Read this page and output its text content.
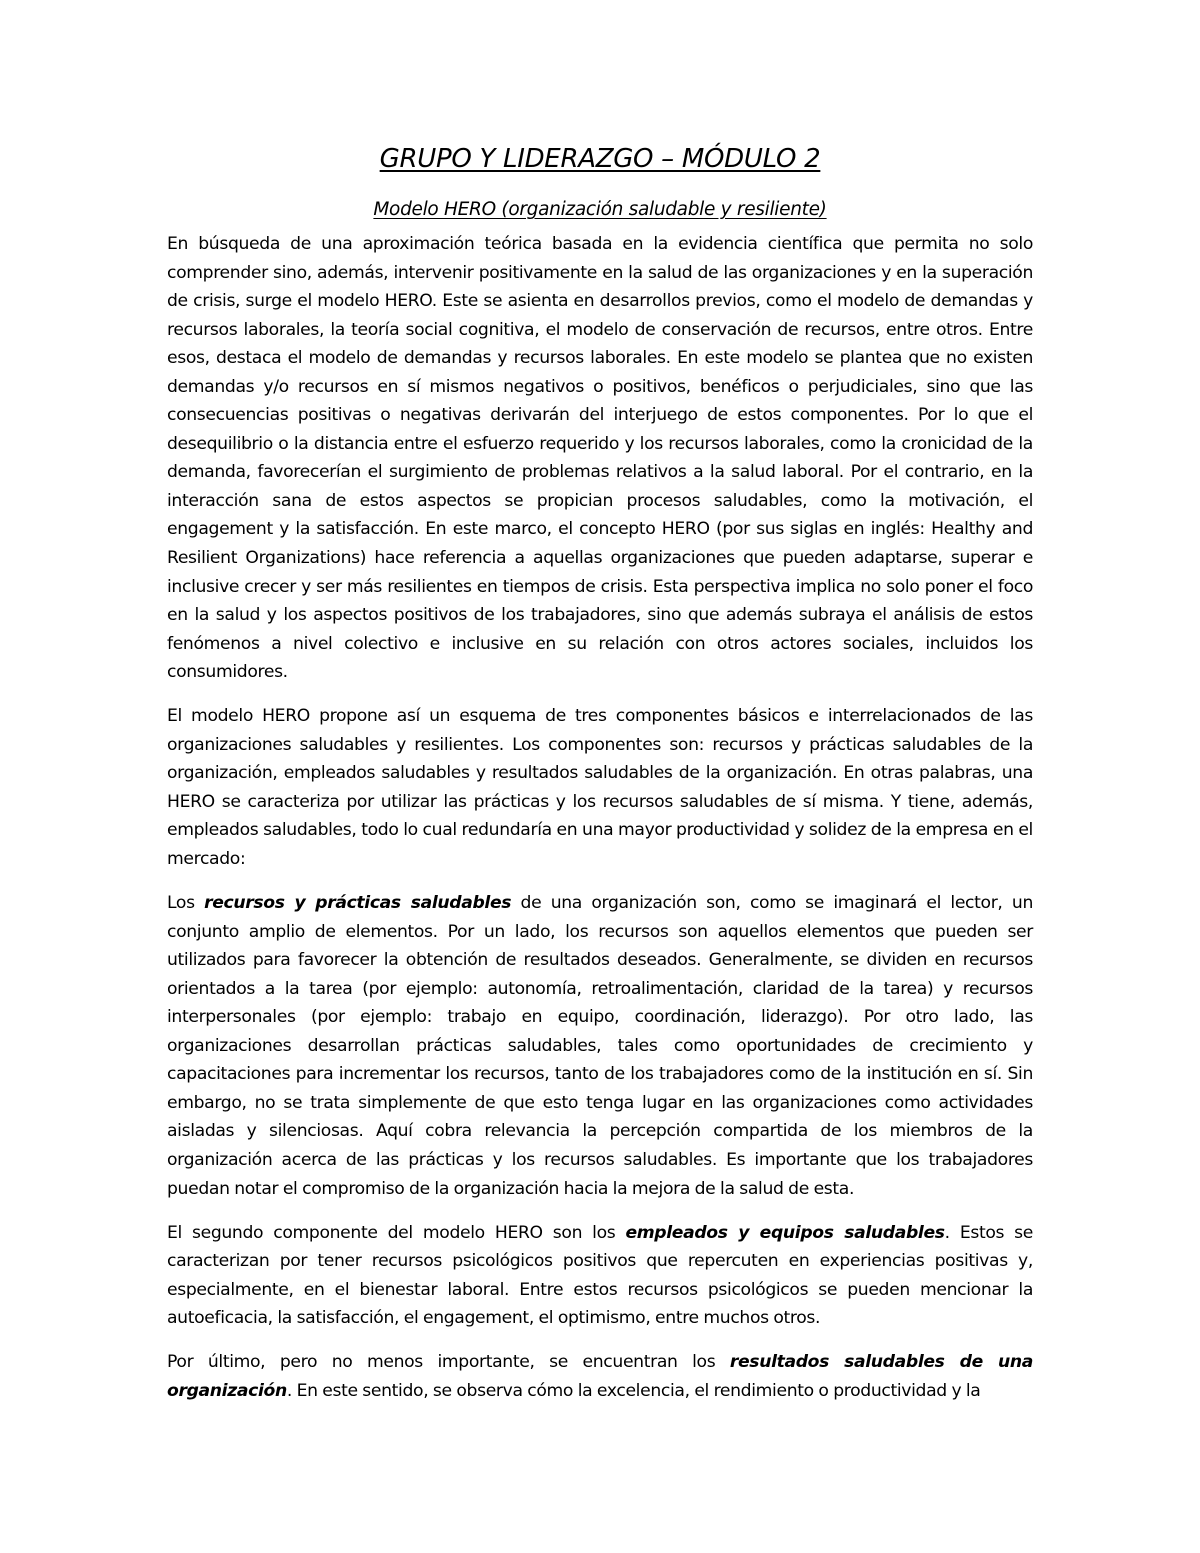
GRUPO Y LIDERAZGO – MÓDULO 2
Modelo HERO (organización saludable y resiliente)

En búsqueda de una aproximación teórica basada en la evidencia científica que permita no solo comprender sino, además, intervenir positivamente en la salud de las organizaciones y en la superación de crisis, surge el modelo HERO. Este se asienta en desarrollos previos, como el modelo de demandas y recursos laborales, la teoría social cognitiva, el modelo de conservación de recursos, entre otros. Entre esos, destaca el modelo de demandas y recursos laborales. En este modelo se plantea que no existen demandas y/o recursos en sí mismos negativos o positivos, benéficos o perjudiciales, sino que las consecuencias positivas o negativas derivarán del interjuego de estos componentes. Por lo que el desequilibrio o la distancia entre el esfuerzo requerido y los recursos laborales, como la cronicidad de la demanda, favorecerían el surgimiento de problemas relativos a la salud laboral. Por el contrario, en la interacción sana de estos aspectos se propician procesos saludables, como la motivación, el engagement y la satisfacción. En este marco, el concepto HERO (por sus siglas en inglés: Healthy and Resilient Organizations) hace referencia a aquellas organizaciones que pueden adaptarse, superar e inclusive crecer y ser más resilientes en tiempos de crisis. Esta perspectiva implica no solo poner el foco en la salud y los aspectos positivos de los trabajadores, sino que además subraya el análisis de estos fenómenos a nivel colectivo e inclusive en su relación con otros actores sociales, incluidos los consumidores.

El modelo HERO propone así un esquema de tres componentes básicos e interrelacionados de las organizaciones saludables y resilientes. Los componentes son: recursos y prácticas saludables de la organización, empleados saludables y resultados saludables de la organización. En otras palabras, una HERO se caracteriza por utilizar las prácticas y los recursos saludables de sí misma. Y tiene, además, empleados saludables, todo lo cual redundaría en una mayor productividad y solidez de la empresa en el mercado:

Los recursos y prácticas saludables de una organización son, como se imaginará el lector, un conjunto amplio de elementos. Por un lado, los recursos son aquellos elementos que pueden ser utilizados para favorecer la obtención de resultados deseados. Generalmente, se dividen en recursos orientados a la tarea (por ejemplo: autonomía, retroalimentación, claridad de la tarea) y recursos interpersonales (por ejemplo: trabajo en equipo, coordinación, liderazgo). Por otro lado, las organizaciones desarrollan prácticas saludables, tales como oportunidades de crecimiento y capacitaciones para incrementar los recursos, tanto de los trabajadores como de la institución en sí. Sin embargo, no se trata simplemente de que esto tenga lugar en las organizaciones como actividades aisladas y silenciosas. Aquí cobra relevancia la percepción compartida de los miembros de la organización acerca de las prácticas y los recursos saludables. Es importante que los trabajadores puedan notar el compromiso de la organización hacia la mejora de la salud de esta.

El segundo componente del modelo HERO son los empleados y equipos saludables. Estos se caracterizan por tener recursos psicológicos positivos que repercuten en experiencias positivas y, especialmente, en el bienestar laboral. Entre estos recursos psicológicos se pueden mencionar la autoeficacia, la satisfacción, el engagement, el optimismo, entre muchos otros.

Por último, pero no menos importante, se encuentran los resultados saludables de una organización. En este sentido, se observa cómo la excelencia, el rendimiento o productividad y la
